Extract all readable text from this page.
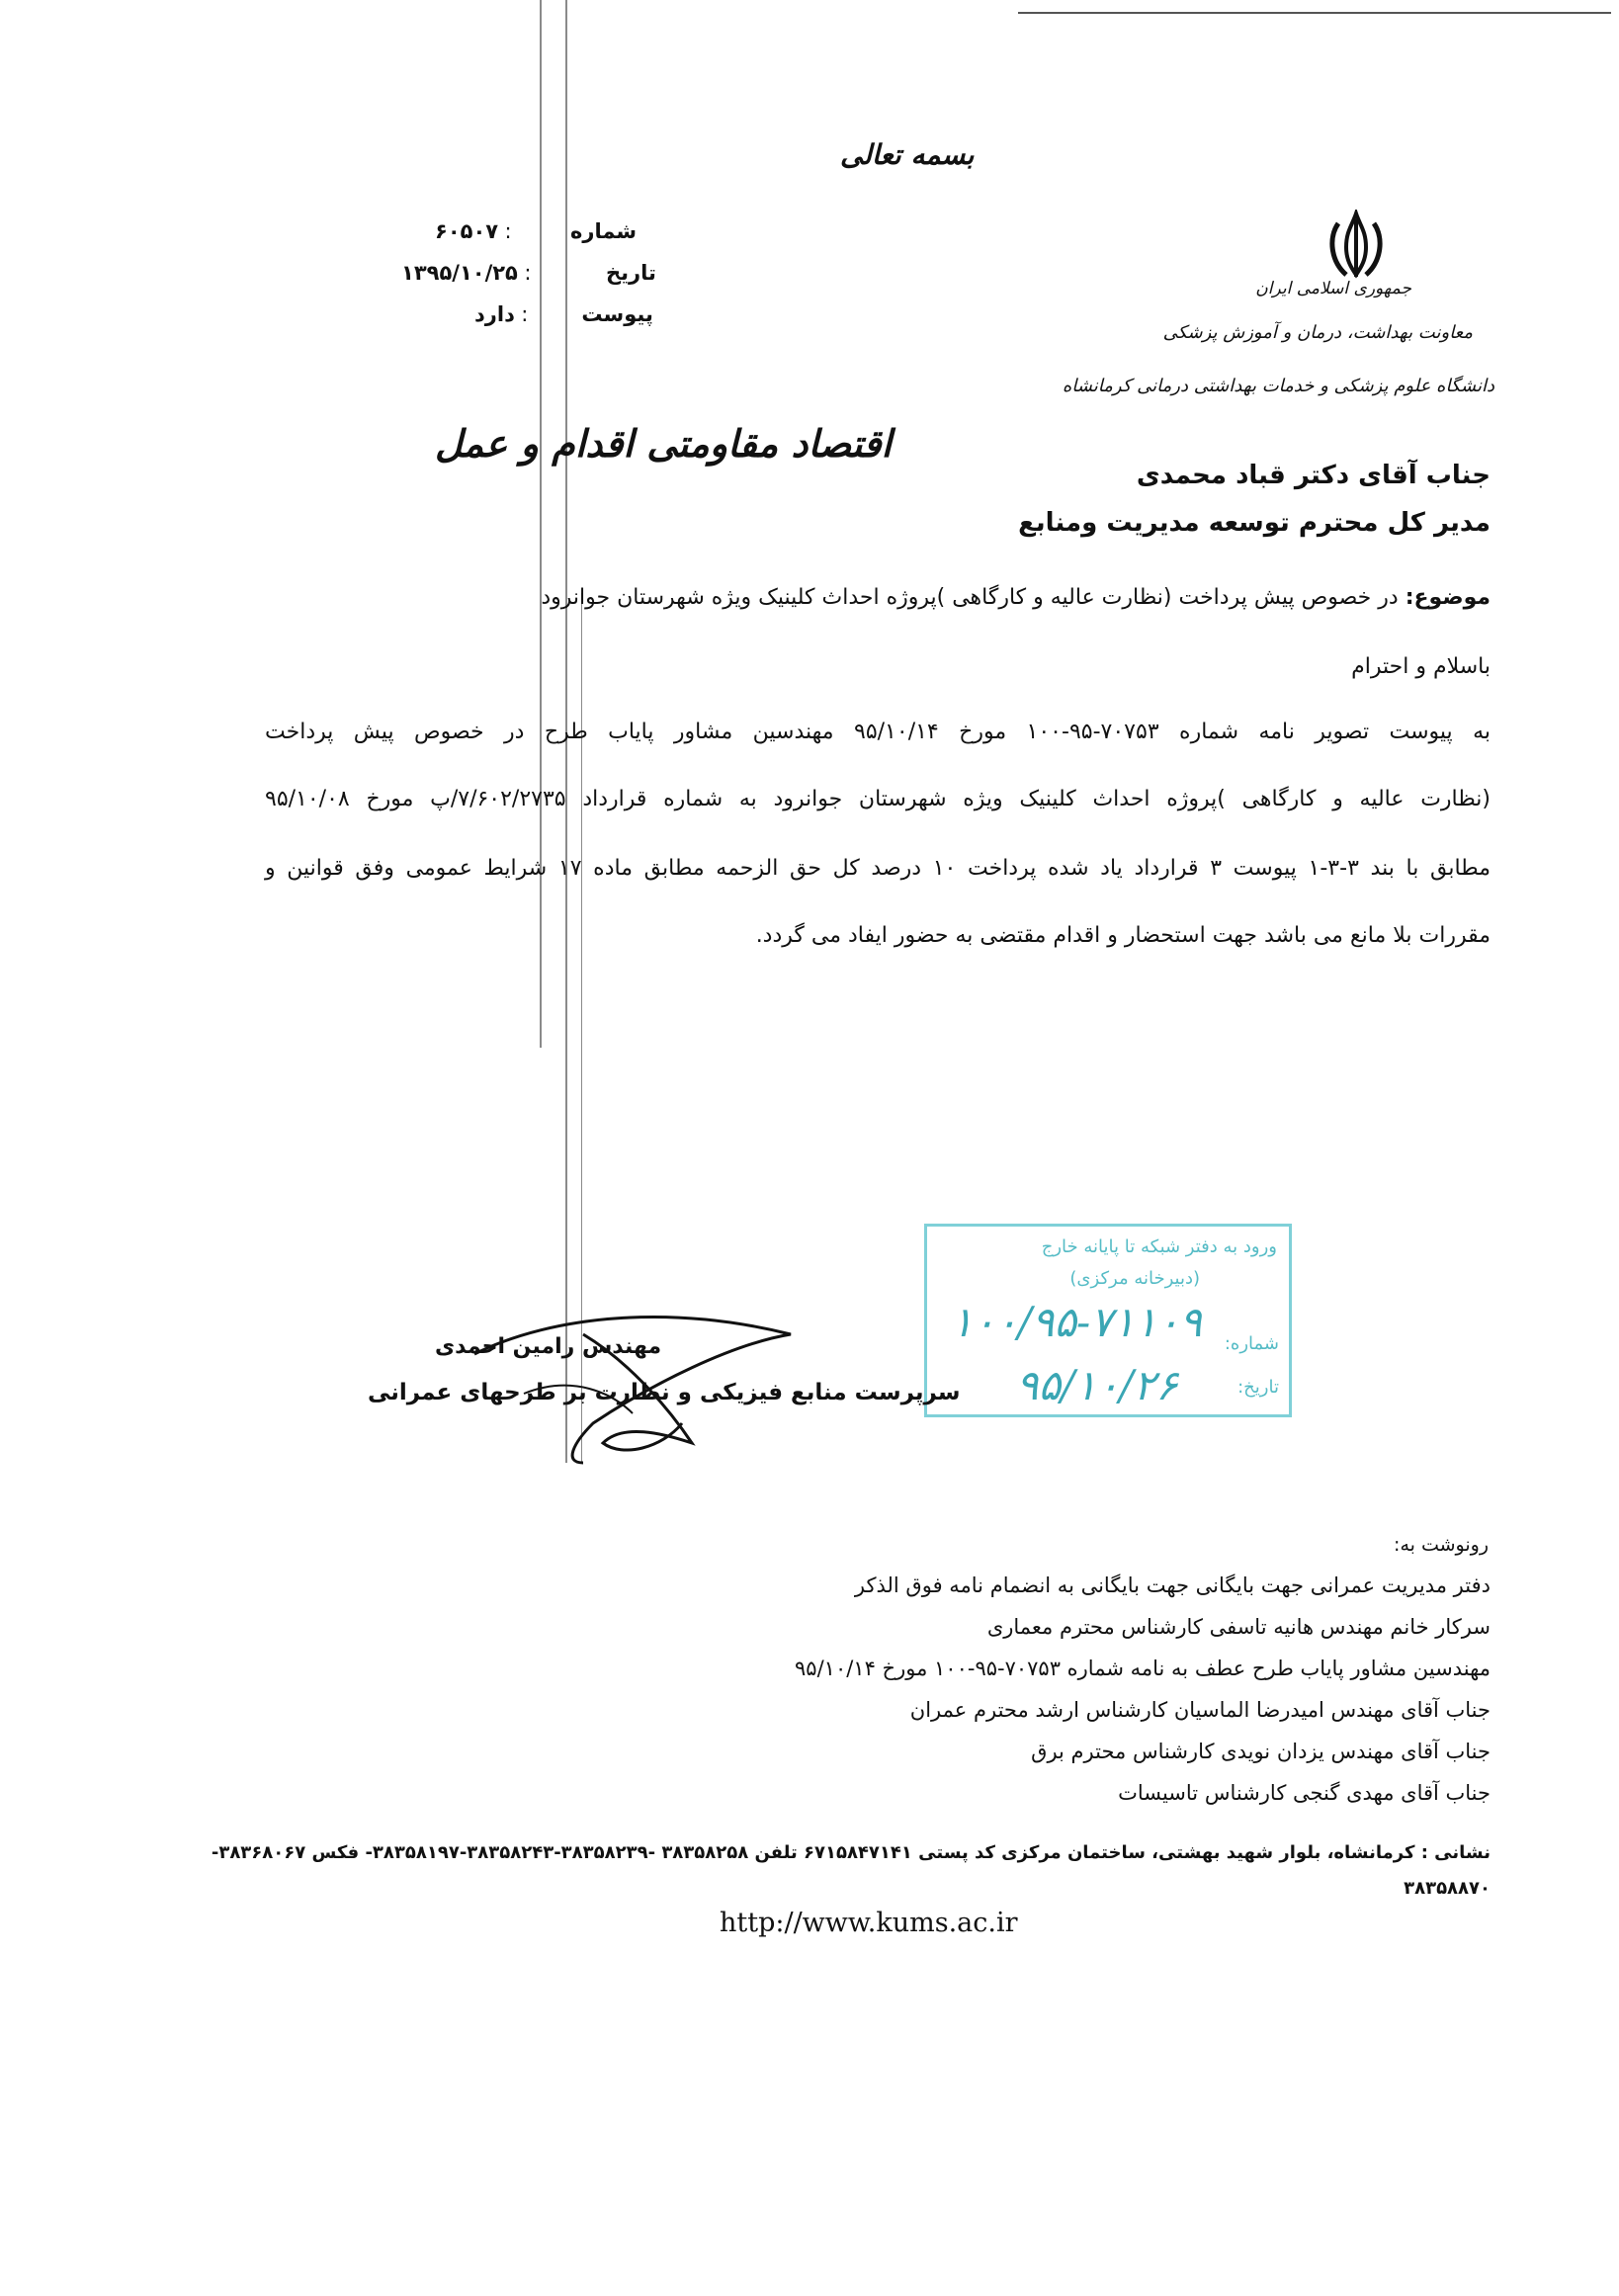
بسمه تعالی
شماره
:
۶۰۵۰۷
تاریخ
:
۱۳۹۵/۱۰/۲۵
پیوست
:
دارد
جمهوری اسلامی ایران
معاونت بهداشت، درمان و آموزش پزشکی
دانشگاه علوم پزشکی و خدمات بهداشتی درمانی کرمانشاه
اقتصاد مقاومتی اقدام و عمل
جناب آقای دکتر قباد محمدی
مدیر کل محترم توسعه مدیریت ومنابع
موضوع: در خصوص پیش پرداخت (نظارت عالیه و کارگاهی )پروژه احداث کلینیک ویژه شهرستان جوانرود
باسلام و احترام
به پیوست تصویر نامه شماره ۷۰۷۵۳-۹۵-۱۰۰ مورخ ۹۵/۱۰/۱۴ مهندسین مشاور پایاب طرح در خصوص پیش پرداخت
(نظارت عالیه و کارگاهی )پروژه احداث کلینیک ویژه شهرستان جوانرود به شماره قرارداد ۷/۶۰۲/۲۷۳۵/پ مورخ ۹۵/۱۰/۰۸
مطابق با بند ۳-۳-۱ پیوست ۳ قرارداد یاد شده پرداخت ۱۰ درصد کل حق الزحمه مطابق ماده ۱۷ شرایط عمومی وفق قوانین و
مقررات بلا مانع می باشد جهت استحضار و اقدام مقتضی به حضور ایفاد می گردد.
ورود به دفتر شبکه تا پایانه خارج
(دبیرخانه مرکزی)
شماره:
تاریخ:
۱۰۰/۹۵-۷۱۱۰۹
۹۵/۱۰/۲۶
مهندس رامین احمدی
سرپرست منابع فیزیکی و نظارت بر طرحهای عمرانی
رونوشت به:
دفتر مدیریت عمرانی جهت بایگانی جهت بایگانی به انضمام نامه فوق الذکر
سرکار خانم مهندس هانیه تاسفی کارشناس محترم معماری
مهندسین مشاور پایاب طرح عطف به نامه شماره ۷۰۷۵۳-۹۵-۱۰۰ مورخ ۹۵/۱۰/۱۴
جناب آقای مهندس امیدرضا الماسیان کارشناس ارشد محترم عمران
جناب آقای مهندس یزدان نویدی کارشناس محترم برق
جناب آقای مهدی گنجی کارشناس تاسیسات
نشانی : کرمانشاه، بلوار شهید بهشتی، ساختمان مرکزی کد پستی ۶۷۱۵۸۴۷۱۴۱ تلفن ۳۸۳۵۸۲۵۸ -۳۸۳۵۸۲۳۹-۳۸۳۵۸۲۴۳-۳۸۳۵۸۱۹۷- فکس ۳۸۳۶۸۰۶۷-
۳۸۳۵۸۸۷۰
http://www.kums.ac.ir
